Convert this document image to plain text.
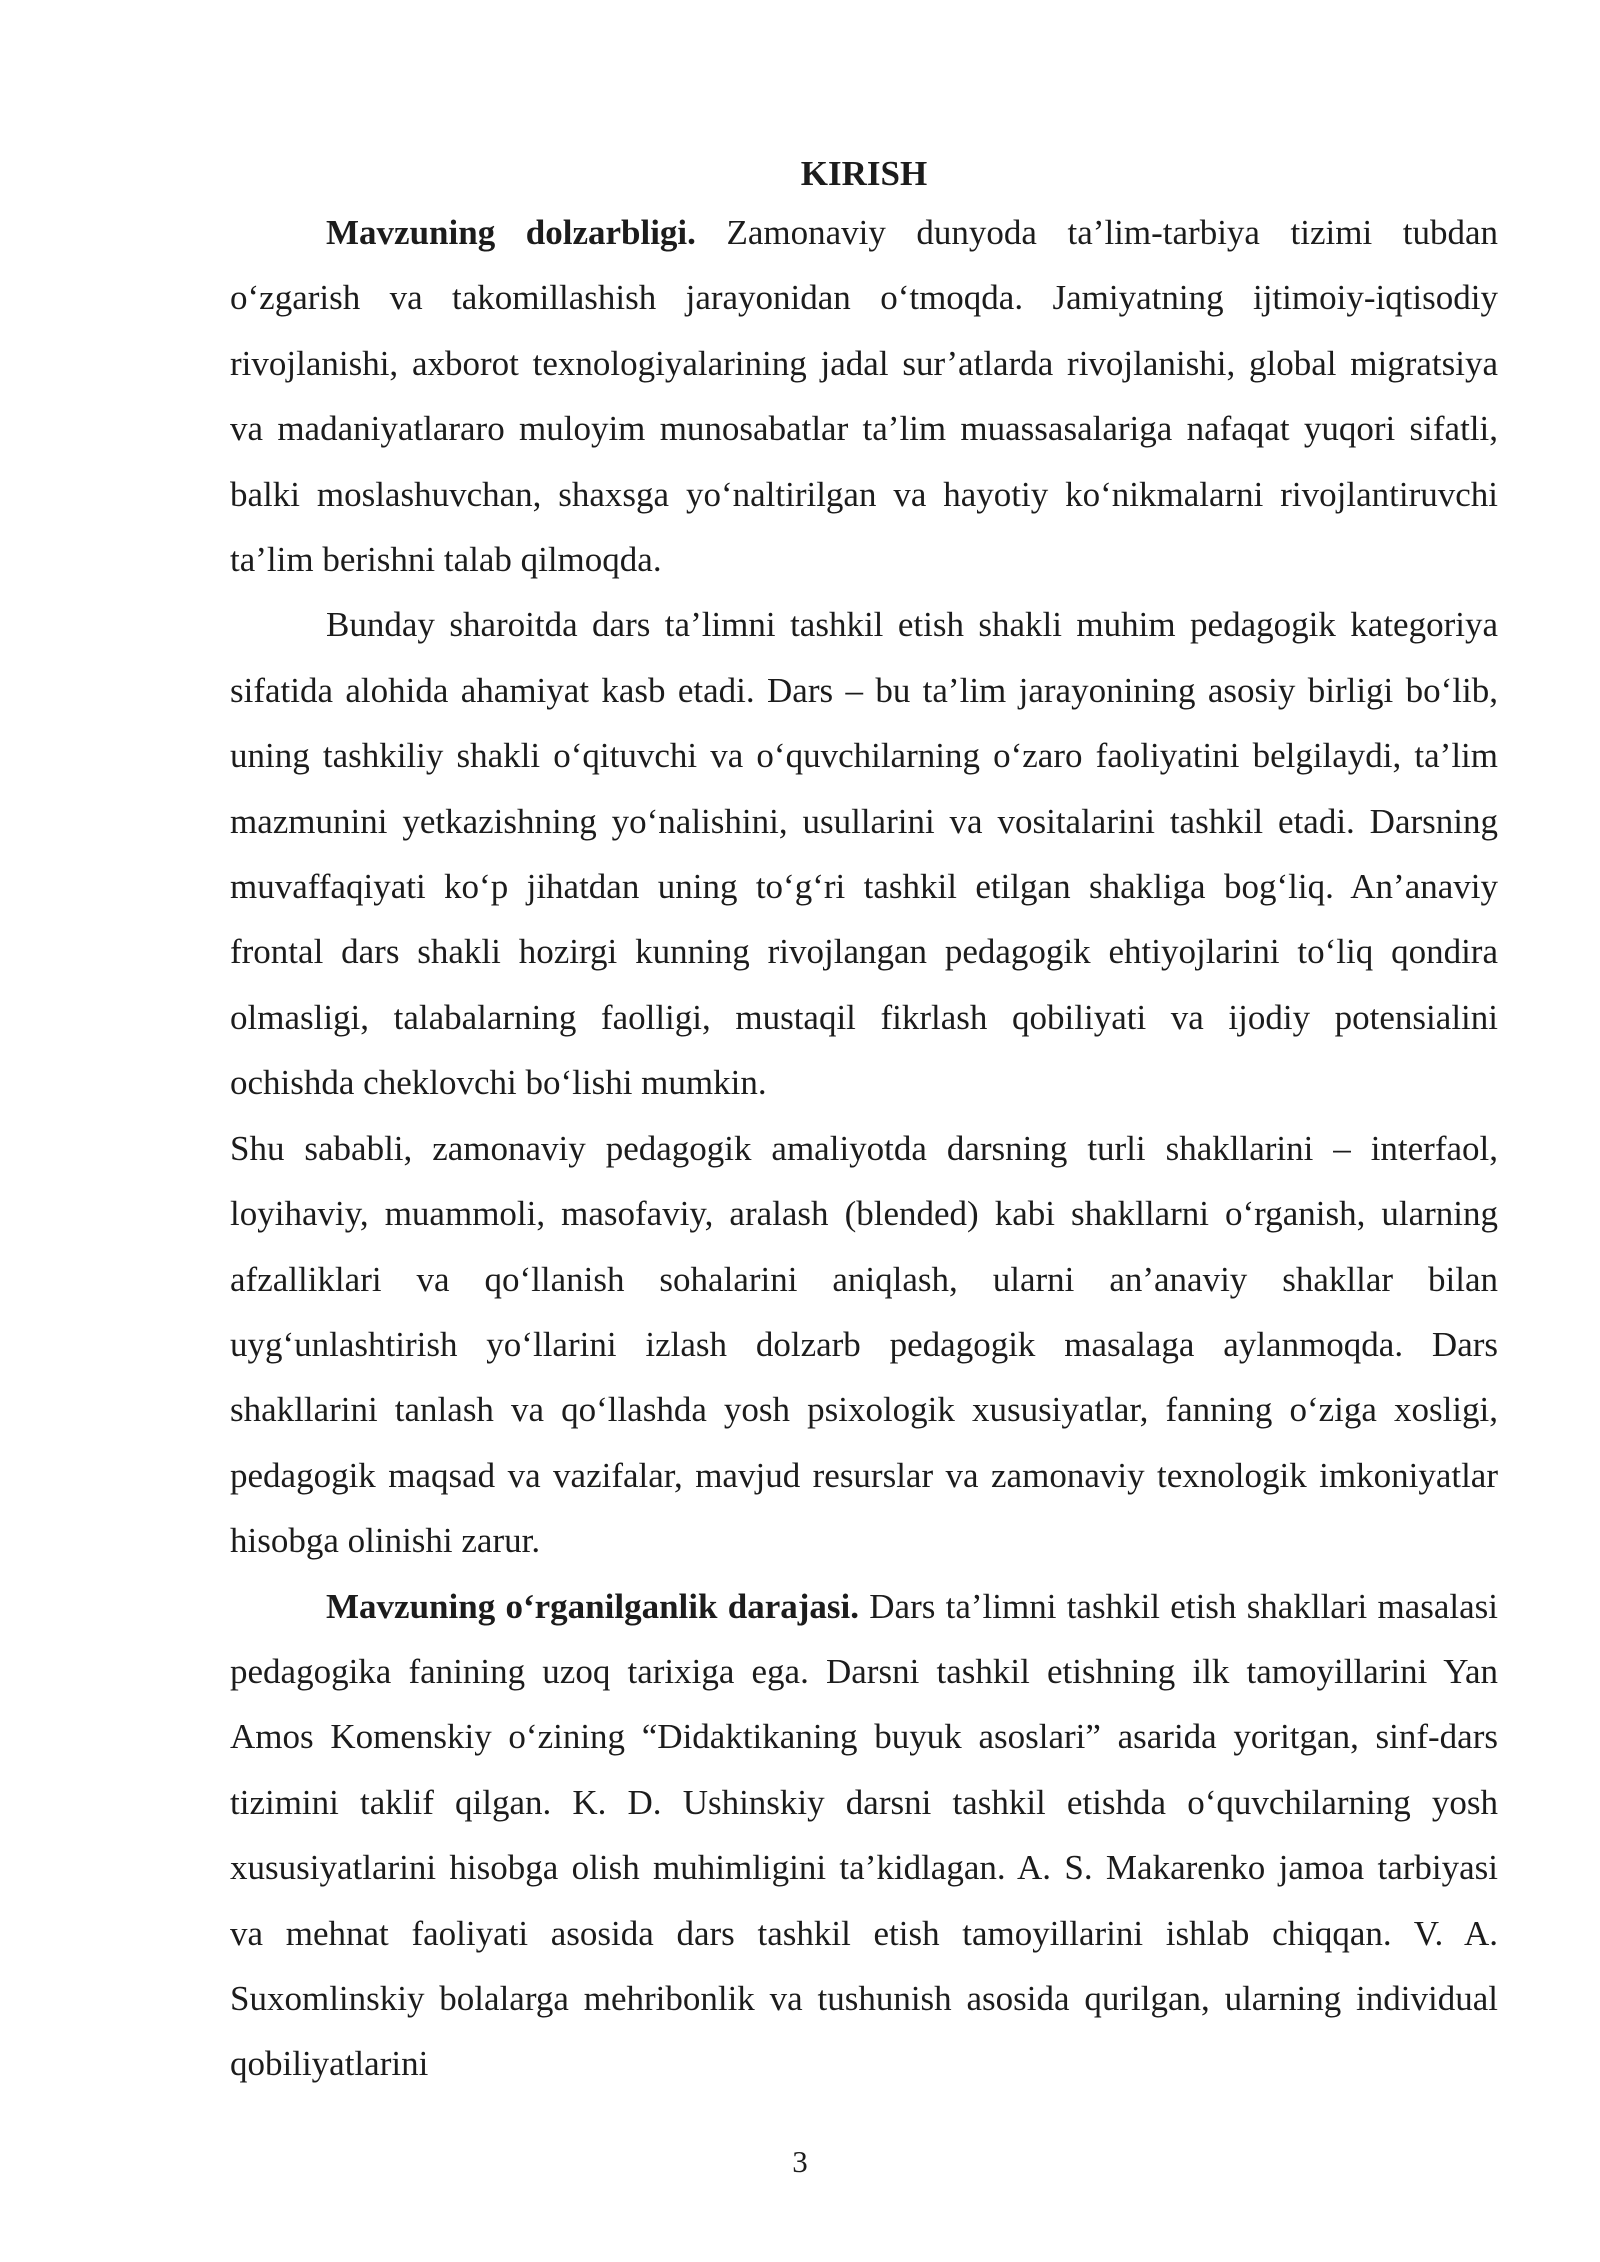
KIRISH

Mavzuning dolzarbligi. Zamonaviy dunyoda ta’lim-tarbiya tizimi tubdan o‘zgarish va takomillashish jarayonidan o‘tmoqda. Jamiyatning ijtimoiy-iqtisodiy rivojlanishi, axborot texnologiyalarining jadal sur’atlarda rivojlanishi, global migratsiya va madaniyatlararo muloyim munosabatlar ta’lim muassasalariga nafaqat yuqori sifatli, balki moslashuvchan, shaxsga yo‘naltirilgan va hayotiy ko‘nikmalarni rivojlantiruvchi ta’lim berishni talab qilmoqda.

Bunday sharoitda dars ta’limni tashkil etish shakli muhim pedagogik kategoriya sifatida alohida ahamiyat kasb etadi. Dars – bu ta’lim jarayonining asosiy birligi bo‘lib, uning tashkiliy shakli o‘qituvchi va o‘quvchilarning o‘zaro faoliyatini belgilaydi, ta’lim mazmunini yetkazishning yo‘nalishini, usullarini va vositalarini tashkil etadi. Darsning muvaffaqiyati ko‘p jihatdan uning to‘g‘ri tashkil etilgan shakliga bog‘liq. An’anaviy frontal dars shakli hozirgi kunning rivojlangan pedagogik ehtiyojlarini to‘liq qondira olmasligi, talabalarning faolligi, mustaqil fikrlash qobiliyati va ijodiy potensialini ochishda cheklovchi bo‘lishi mumkin.

Shu sababli, zamonaviy pedagogik amaliyotda darsning turli shakllarini – interfaol, loyihaviy, muammoli, masofaviy, aralash (blended) kabi shakllarni o‘rganish, ularning afzalliklari va qo‘llanish sohalarini aniqlash, ularni an’anaviy shakllar bilan uyg‘unlashtirish yo‘llarini izlash dolzarb pedagogik masalaga aylanmoqda. Dars shakllarini tanlash va qo‘llashda yosh psixologik xususiyatlar, fanning o‘ziga xosligi, pedagogik maqsad va vazifalar, mavjud resurslar va zamonaviy texnologik imkoniyatlar hisobga olinishi zarur.

Mavzuning o‘rganilganlik darajasi. Dars ta’limni tashkil etish shakllari masalasi pedagogika fanining uzoq tarixiga ega. Darsni tashkil etishning ilk tamoyillarini Yan Amos Komenskiy o‘zining “Didaktikaning buyuk asoslari” asarida yoritgan, sinf-dars tizimini taklif qilgan. K. D. Ushinskiy darsni tashkil etishda o‘quvchilarning yosh xususiyatlarini hisobga olish muhimligini ta’kidlagan. A. S. Makarenko jamoa tarbiyasi va mehnat faoliyati asosida dars tashkil etish tamoyillarini ishlab chiqqan. V. A. Suxomlinskiy bolalarga mehribonlik va tushunish asosida qurilgan, ularning individual qobiliyatlarini

3
